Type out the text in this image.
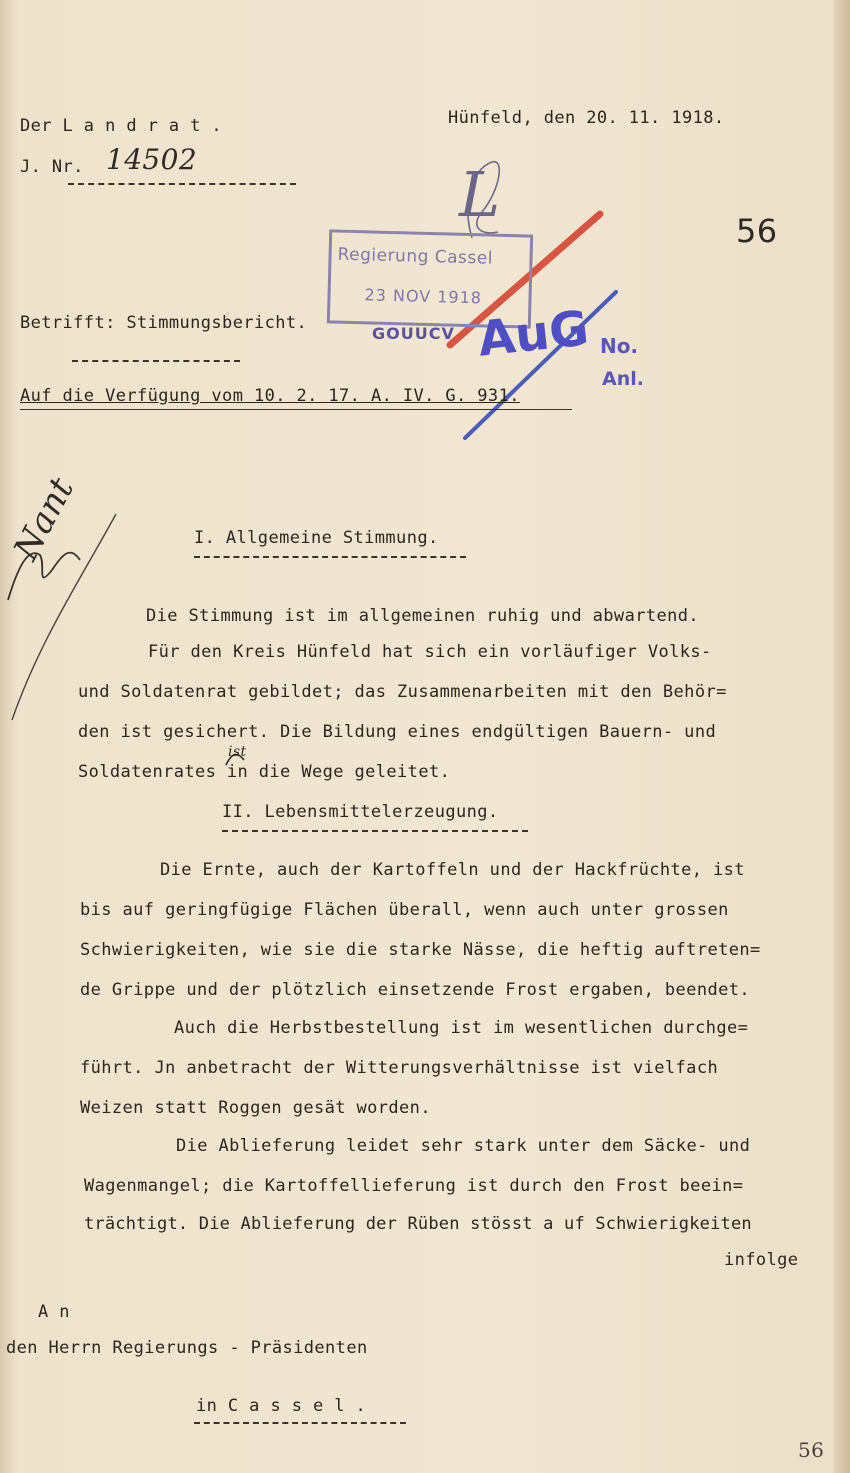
Der L a n d r a t .
J. Nr. 14502
Hünfeld, den 20. 11. 1918.
56
Regierung Cassel
23 NOV 1918
GOUUCV AuG No.
Anl.
L
Betrifft: Stimmungsbericht.
Auf die Verfügung vom 10. 2. 17. A. IV. G. 931.
Nant	I. Allgemeine Stimmung.
Die Stimmung ist im allgemeinen ruhig und abwartend.
Für den Kreis Hünfeld hat sich ein vorläufiger Volks-
und Soldatenrat gebildet; das Zusammenarbeiten mit den Behör=
den ist gesichert. Die Bildung eines endgültigen Bauern- und
Soldatenrates in die Wege geleitet.
ist
II. Lebensmittelerzeugung.
Die Ernte, auch der Kartoffeln und der Hackfrüchte, ist
bis auf geringfügige Flächen überall, wenn auch unter grossen
Schwierigkeiten, wie sie die starke Nässe, die heftig auftreten=
de Grippe und der plötzlich einsetzende Frost ergaben, beendet.
Auch die Herbstbestellung ist im wesentlichen durchge=
führt. Jn anbetracht der Witterungsverhältnisse ist vielfach
Weizen statt Roggen gesät worden.
Die Ablieferung leidet sehr stark unter dem Säcke- und
Wagenmangel; die Kartoffellieferung ist durch den Frost beein=
trächtigt. Die Ablieferung der Rüben stösst a uf Schwierigkeiten
infolge
A n
den Herrn Regierungs - Präsidenten
in C a s s e l .
56
